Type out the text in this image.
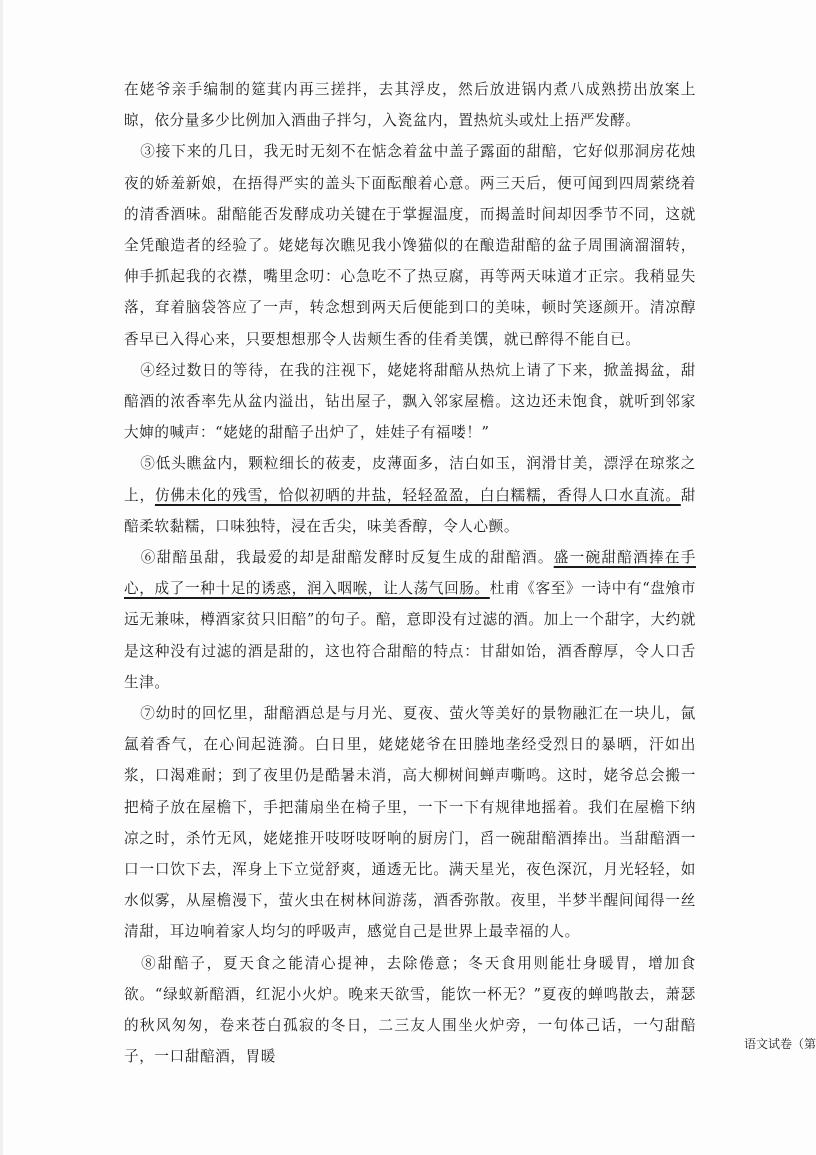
在姥爷亲手编制的筵萁内再三搓拌，去其浮皮，然后放进锅内煮八成熟捞出放案上晾，依分量多少比例加入酒曲子拌匀，入瓷盆内，置热炕头或灶上捂严发酵。

③接下来的几日，我无时无刻不在惦念着盆中盖子露面的甜醅，它好似那洞房花烛夜的娇羞新娘，在捂得严实的盖头下面酝酿着心意。两三天后，便可闻到四周萦绕着的清香酒味。甜醅能否发酵成功关键在于掌握温度，而揭盖时间却因季节不同，这就全凭酿造者的经验了。姥姥每次瞧见我小馋猫似的在酿造甜醅的盆子周围滴溜溜转，伸手抓起我的衣襟，嘴里念叨：心急吃不了热豆腐，再等两天味道才正宗。我稍显失落，耷着脑袋答应了一声，转念想到两天后便能到口的美味，顿时笑逐颜开。清凉醇香早已入得心来，只要想想那令人齿颊生香的佳肴美馔，就已醉得不能自已。

④经过数日的等待，在我的注视下，姥姥将甜醅从热炕上请了下来，掀盖揭盆，甜醅酒的浓香率先从盆内溢出，钻出屋子，飘入邻家屋檐。这边还未饱食，就听到邻家大婶的喊声：“姥姥的甜醅子出炉了，娃娃子有福喽！”

⑤低头瞧盆内，颗粒细长的莜麦，皮薄面多，洁白如玉，润滑甘美，漂浮在琼浆之上，仿佛未化的残雪，恰似初晒的井盐，轻轻盈盈，白白糯糯，香得人口水直流。甜醅柔软黏糯，口味独特，浸在舌尖，味美香醇，令人心颤。

⑥甜醅虽甜，我最爱的却是甜醅发酵时反复生成的甜醅酒。盛一碗甜醅酒捧在手心，成了一种十足的诱惑，润入咽喉，让人荡气回肠。杜甫《客至》一诗中有“盘飧市远无兼味，樽酒家贫只旧醅”的句子。醅，意即没有过滤的酒。加上一个甜字，大约就是这种没有过滤的酒是甜的，这也符合甜醅的特点：甘甜如饴，酒香醇厚，令人口舌生津。

⑦幼时的回忆里，甜醅酒总是与月光、夏夜、萤火等美好的景物融汇在一块儿，氤氲着香气，在心间起涟漪。白日里，姥姥姥爷在田塍地垄经受烈日的暴晒，汗如出浆，口渴难耐；到了夜里仍是酷暑未消，高大柳树间蝉声嘶鸣。这时，姥爷总会搬一把椅子放在屋檐下，手把蒲扇坐在椅子里，一下一下有规律地摇着。我们在屋檐下纳凉之时，杀竹无风，姥姥推开吱呀吱呀响的厨房门，舀一碗甜醅酒捧出。当甜醅酒一口一口饮下去，浑身上下立觉舒爽，通透无比。满天星光，夜色深沉，月光轻轻，如水似雾，从屋檐漫下，萤火虫在树林间游荡，酒香弥散。夜里，半梦半醒间闻得一丝清甜，耳边响着家人均匀的呼吸声，感觉自己是世界上最幸福的人。

⑧甜醅子，夏天食之能清心提神，去除倦意；冬天食用则能壮身暖胃，增加食欲。“绿蚁新醅酒，红泥小火炉。晚来天欲雪，能饮一杯无？”夏夜的蝉鸣散去，萧瑟的秋风匆匆，卷来苍白孤寂的冬日，二三友人围坐火炉旁，一句体己话，一勺甜醅子，一口甜醅酒，胃暖

语文试卷（第
